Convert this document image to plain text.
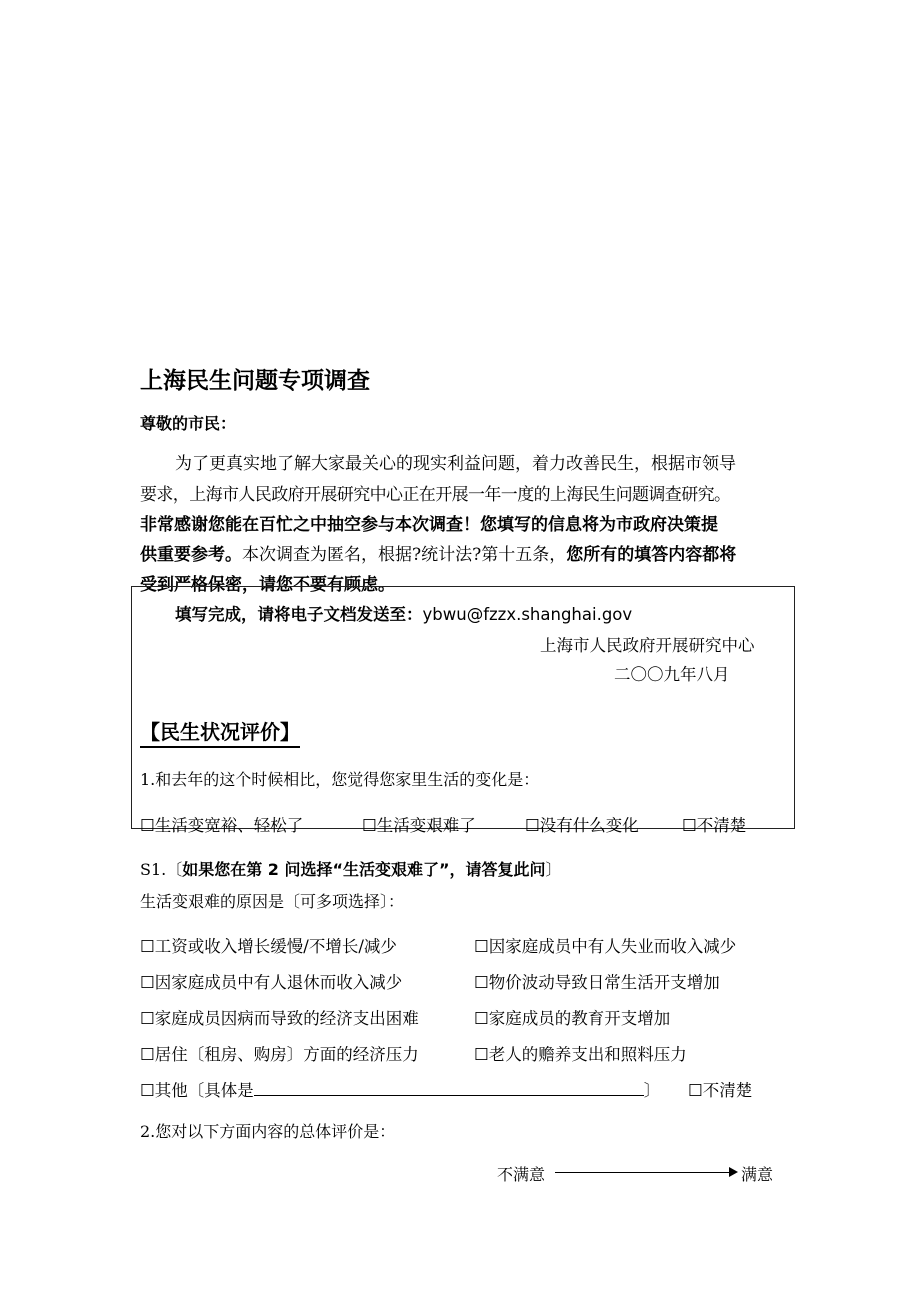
上海民生问题专项调查
尊敬的市民：
为了更真实地了解大家最关心的现实利益问题，着力改善民生，根据市领导
要求，上海市人民政府开展研究中心正在开展一年一度的上海民生问题调查研究。
非常感谢您能在百忙之中抽空参与本次调查！您填写的信息将为市政府决策提
供重要参考。本次调查为匿名，根据?统计法?第十五条，您所有的填答内容都将
受到严格保密，请您不要有顾虑。
填写完成，请将电子文档发送至：ybwu@fzzx.shanghai.gov
上海市人民政府开展研究中心
二〇〇九年八月
【民生状况评价】
1.和去年的这个时候相比，您觉得您家里生活的变化是：
☐生活变宽裕、轻松了	☐生活变艰难了	☐没有什么变化	☐不清楚
S1.〔如果您在第 2 问选择“生活变艰难了”，请答复此问〕
生活变艰难的原因是〔可多项选择〕：
☐工资或收入增长缓慢/不增长/减少	☐因家庭成员中有人失业而收入减少
☐因家庭成员中有人退休而收入减少	☐物价波动导致日常生活开支增加
☐家庭成员因病而导致的经济支出困难	☐家庭成员的教育开支增加
☐居住〔租房、购房〕方面的经济压力	☐老人的赡养支出和照料压力
☐其他〔具体是	〕 ☐不清楚
2.您对以下方面内容的总体评价是：
不满意	满意
